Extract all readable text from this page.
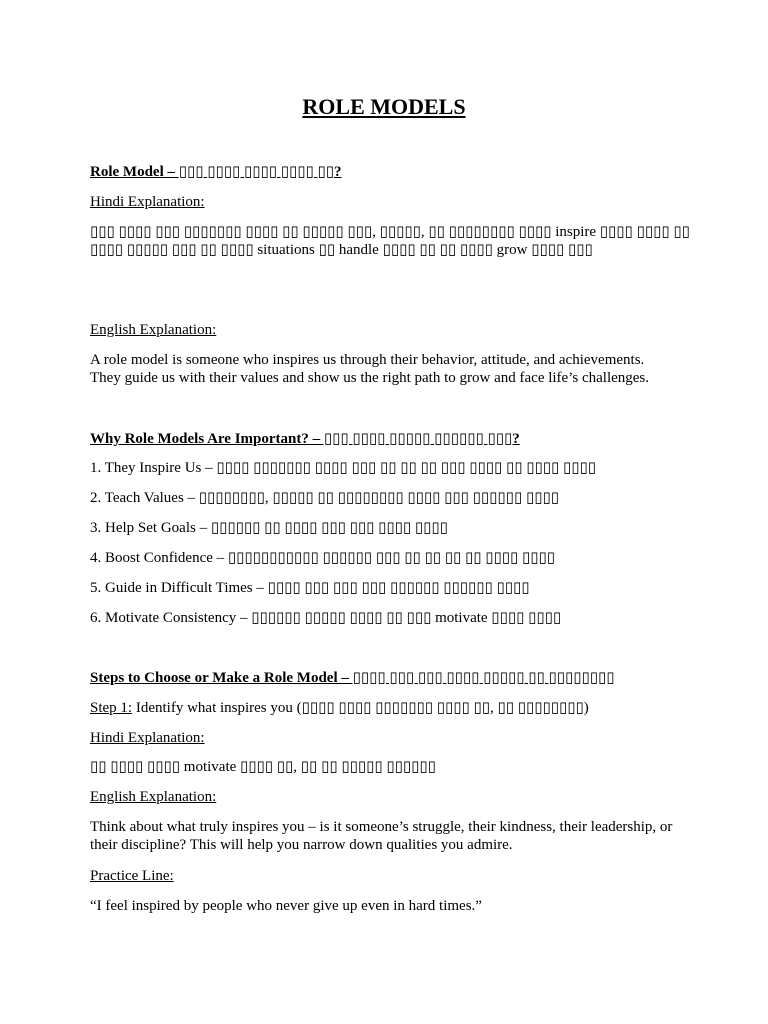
ROLE MODELS
Role Model – ▯▯▯ ▯▯▯▯ ▯▯▯▯ ▯▯▯▯ ▯▯?
Hindi Explanation:
▯▯▯ ▯▯▯▯ ▯▯▯ ▯▯▯▯▯▯▯ ▯▯▯▯ ▯▯ ▯▯▯▯▯ ▯▯▯, ▯▯▯▯▯, ▯▯ ▯▯▯▯▯▯▯▯ ▯▯▯▯ inspire ▯▯▯▯ ▯▯▯▯ ▯▯ ▯▯▯▯ ▯▯▯▯▯ ▯▯▯ ▯▯ ▯▯▯▯ situations ▯▯ handle ▯▯▯▯ ▯▯ ▯▯ ▯▯▯▯ grow ▯▯▯▯ ▯▯▯
English Explanation:
A role model is someone who inspires us through their behavior, attitude, and achievements. They guide us with their values and show us the right path to grow and face life’s challenges.
Why Role Models Are Important? – ▯▯▯ ▯▯▯▯ ▯▯▯▯▯ ▯▯▯▯▯▯ ▯▯▯?
1. They Inspire Us – ▯▯▯▯ ▯▯▯▯▯▯▯ ▯▯▯▯ ▯▯▯ ▯▯ ▯▯ ▯▯ ▯▯▯ ▯▯▯▯ ▯▯ ▯▯▯▯ ▯▯▯▯
2. Teach Values – ▯▯▯▯▯▯▯▯, ▯▯▯▯▯ ▯▯ ▯▯▯▯▯▯▯▯ ▯▯▯▯ ▯▯▯ ▯▯▯▯▯▯ ▯▯▯▯
3. Help Set Goals – ▯▯▯▯▯▯ ▯▯ ▯▯▯▯ ▯▯▯ ▯▯▯ ▯▯▯▯ ▯▯▯▯
4. Boost Confidence – ▯▯▯▯▯▯▯▯▯▯▯ ▯▯▯▯▯▯ ▯▯▯ ▯▯ ▯▯ ▯▯ ▯▯ ▯▯▯▯ ▯▯▯▯
5. Guide in Difficult Times – ▯▯▯▯ ▯▯▯ ▯▯▯ ▯▯▯ ▯▯▯▯▯▯ ▯▯▯▯▯▯ ▯▯▯▯
6. Motivate Consistency – ▯▯▯▯▯▯ ▯▯▯▯▯ ▯▯▯▯ ▯▯ ▯▯▯ motivate ▯▯▯▯ ▯▯▯▯
Steps to Choose or Make a Role Model – ▯▯▯▯ ▯▯▯ ▯▯▯ ▯▯▯▯ ▯▯▯▯▯ ▯▯ ▯▯▯▯▯▯▯▯
Step 1: Identify what inspires you (▯▯▯▯ ▯▯▯▯ ▯▯▯▯▯▯▯ ▯▯▯▯ ▯▯, ▯▯ ▯▯▯▯▯▯▯▯)
Hindi Explanation:
▯▯ ▯▯▯▯ ▯▯▯▯ motivate ▯▯▯▯ ▯▯, ▯▯ ▯▯ ▯▯▯▯▯ ▯▯▯▯▯▯
English Explanation:
Think about what truly inspires you – is it someone’s struggle, their kindness, their leadership, or their discipline? This will help you narrow down qualities you admire.
Practice Line:
“I feel inspired by people who never give up even in hard times.”
